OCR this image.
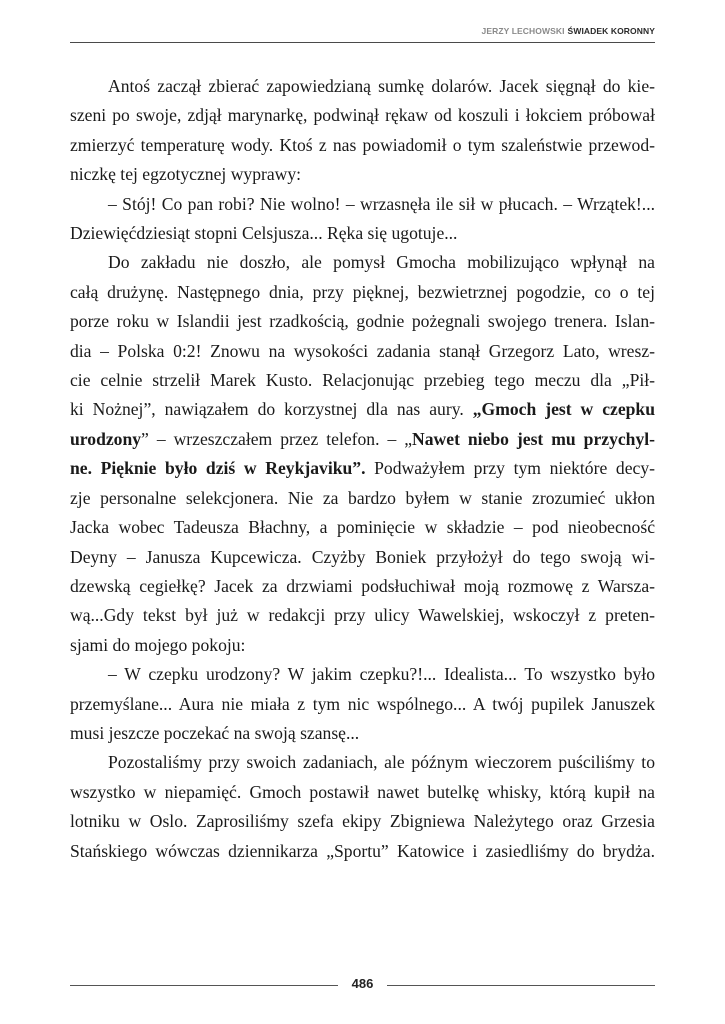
JERZY LECHOWSKI ŚWIADEK KORONNY
Antoś zaczął zbierać zapowiedzianą sumkę dolarów. Jacek sięgnął do kie-
szeni po swoje, zdjął marynarkę, podwinął rękaw od koszuli i łokciem próbował
zmierzyć temperaturę wody. Ktoś z nas powiadomił o tym szaleństwie przewod-
niczkę tej egzotycznej wyprawy:
– Stój! Co pan robi? Nie wolno! – wrzasnęła ile sił w płucach. – Wrzątek!...
Dziewięćdziesiąt stopni Celsjusza... Ręka się ugotuje...
Do zakładu nie doszło, ale pomysł Gmocha mobilizująco wpłynął na
całą drużynę. Następnego dnia, przy pięknej, bezwietrznej pogodzie, co o tej
porze roku w Islandii jest rzadkością, godnie pożegnali swojego trenera. Islan-
dia – Polska 0:2! Znowu na wysokości zadania stanął Grzegorz Lato, wresz-
cie celnie strzelił Marek Kusto. Relacjonując przebieg tego meczu dla „Pił-
ki Nożnej”, nawiązałem do korzystnej dla nas aury. „Gmoch jest w czepku
urodzony” – wrzeszczałem przez telefon. – „Nawet niebo jest mu przychyl-
ne. Pięknie było dziś w Reykjaviku”. Podważyłem przy tym niektóre decy-
zje personalne selekcjonera. Nie za bardzo byłem w stanie zrozumieć ukłon
Jacka wobec Tadeusza Błachny, a pominięcie w składzie – pod nieobecność
Deyny – Janusza Kupcewicza. Czyżby Boniek przyłożył do tego swoją wi-
dzewską cegiełkę? Jacek za drzwiami podsłuchiwał moją rozmowę z Warsza-
wą...Gdy tekst był już w redakcji przy ulicy Wawelskiej, wskoczył z preten-
sjami do mojego pokoju:
– W czepku urodzony? W jakim czepku?!... Idealista... To wszystko było
przemyślane... Aura nie miała z tym nic wspólnego... A twój pupilek Januszek
musi jeszcze poczekać na swoją szansę...
Pozostaliśmy przy swoich zadaniach, ale późnym wieczorem puściliśmy to
wszystko w niepamięć. Gmoch postawił nawet butelkę whisky, którą kupił na
lotniku w Oslo. Zaprosiliśmy szefa ekipy Zbigniewa Należytego oraz Grzesia
Stańskiego wówczas dziennikarza „Sportu” Katowice i zasiedliśmy do brydża.
486
